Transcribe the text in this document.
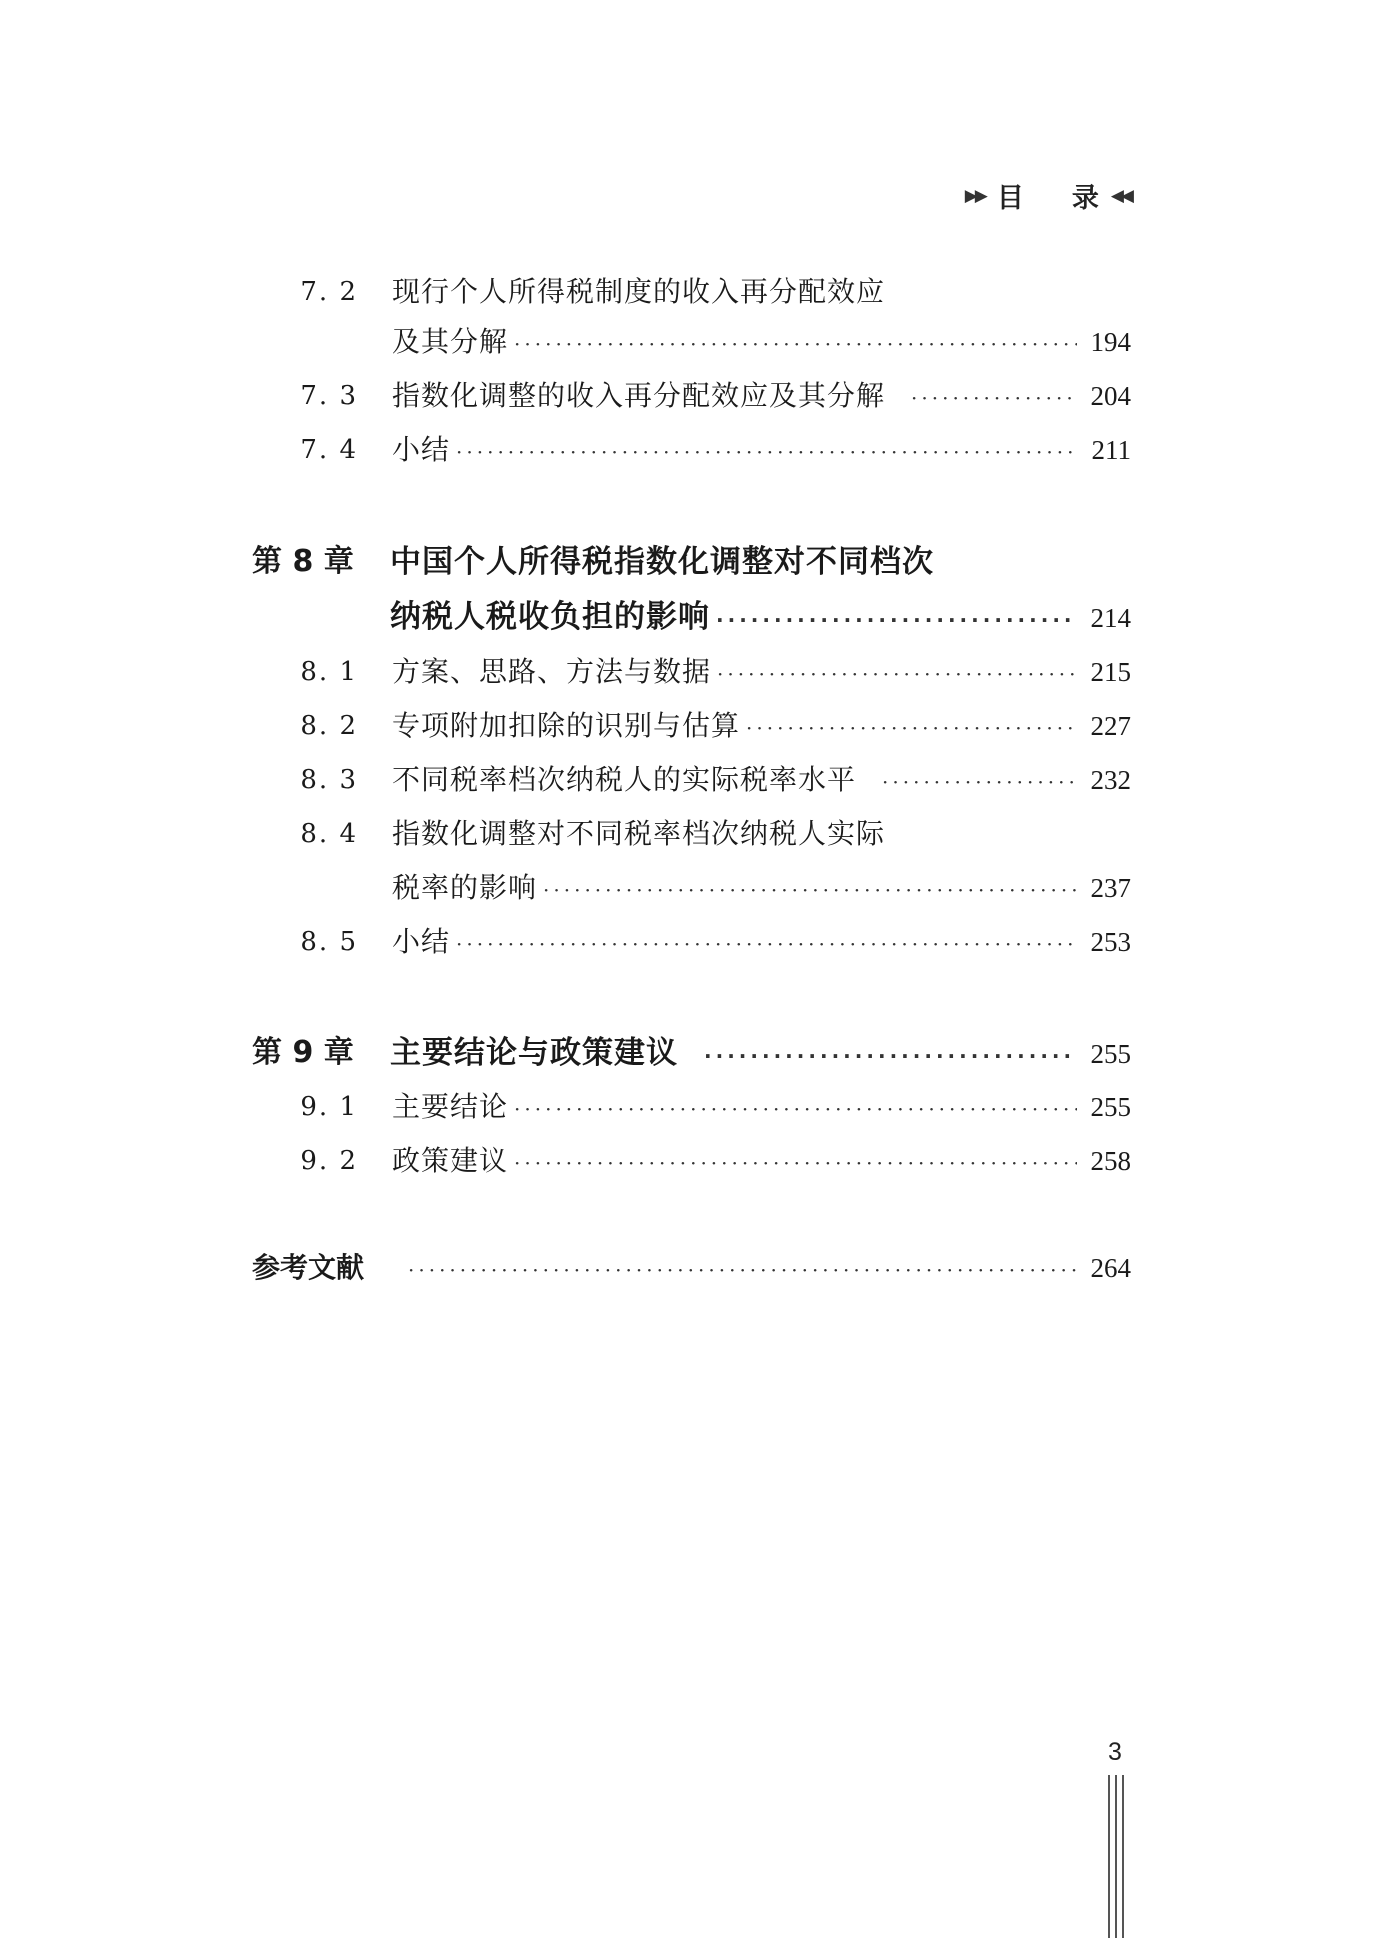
▶▶ 目 录 ◀◀
7. 2 现行个人所得税制度的收入再分配效应
及其分解 ·····	194
7. 3 指数化调整的收入再分配效应及其分解 ·····	204
7. 4 小结 ·····	211
第 8 章 中国个人所得税指数化调整对不同档次
纳税人税收负担的影响 ·····	214
8. 1 方案、思路、方法与数据 ·····	215
8. 2 专项附加扣除的识别与估算 ·····	227
8. 3 不同税率档次纳税人的实际税率水平 ·····	232
8. 4 指数化调整对不同税率档次纳税人实际
税率的影响 ·····	237
8. 5 小结 ·····	253
第 9 章 主要结论与政策建议 ·····	255
9. 1 主要结论 ·····	255
9. 2 政策建议 ·····	258
参考文献 ·····	264
3
